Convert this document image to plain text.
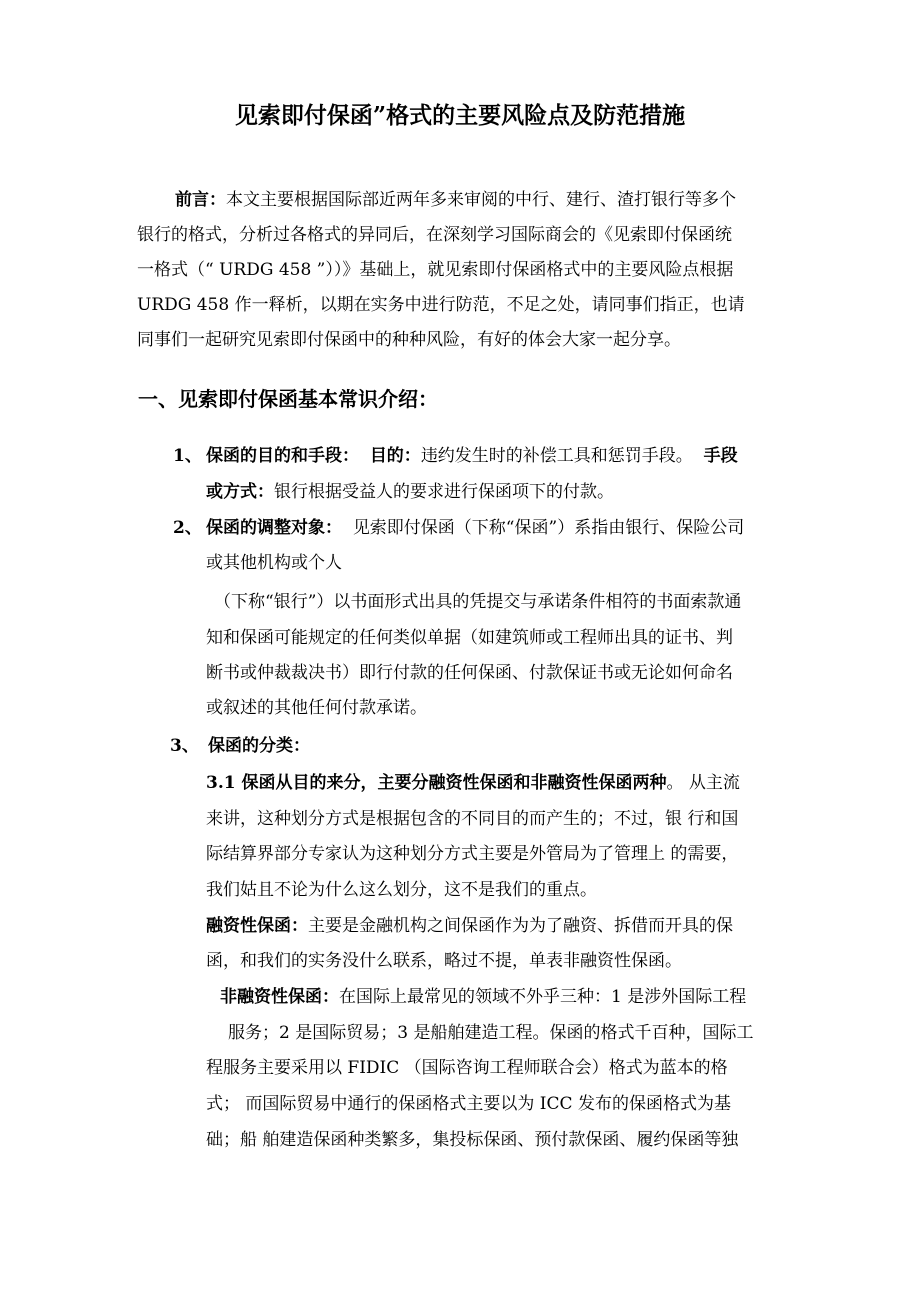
见索即付保函”格式的主要风险点及防范措施
前言：本文主要根据国际部近两年多来审阅的中行、建行、渣打银行等多个
银行的格式，分析过各格式的异同后，在深刻学习国际商会的《见索即付保函统
一格式（“ URDG 458 ”））》基础上，就见索即付保函格式中的主要风险点根据
URDG 458 作一释析，以期在实务中进行防范，不足之处，请同事们指正，也请
同事们一起研究见索即付保函中的种种风险，有好的体会大家一起分享。
一、见索即付保函基本常识介绍：
1、 保函的目的和手段： 目的：违约发生时的补偿工具和惩罚手段。 手段
或方式：银行根据受益人的要求进行保函项下的付款。
2、 保函的调整对象： 见索即付保函（下称“保函”）系指由银行、保险公司
或其他机构或个人
（下称“银行”）以书面形式出具的凭提交与承诺条件相符的书面索款通
知和保函可能规定的任何类似单据（如建筑师或工程师出具的证书、判
断书或仲裁裁决书）即行付款的任何保函、付款保证书或无论如何命名
或叙述的其他任何付款承诺。
3、 保函的分类：
3.1 保函从目的来分，主要分融资性保函和非融资性保函两种。 从主流
来讲，这种划分方式是根据包含的不同目的而产生的；不过，银 行和国
际结算界部分专家认为这种划分方式主要是外管局为了管理上 的需要，
我们姑且不论为什么这么划分，这不是我们的重点。
融资性保函：主要是金融机构之间保函作为为了融资、拆借而开具的保
函，和我们的实务没什么联系，略过不提，单表非融资性保函。
非融资性保函：在国际上最常见的领域不外乎三种：1 是涉外国际工程
服务；2 是国际贸易；3 是船舶建造工程。保函的格式千百种，国际工
程服务主要采用以 FIDIC （国际咨询工程师联合会）格式为蓝本的格
式； 而国际贸易中通行的保函格式主要以为 ICC 发布的保函格式为基
础；船 舶建造保函种类繁多，集投标保函、预付款保函、履约保函等独
